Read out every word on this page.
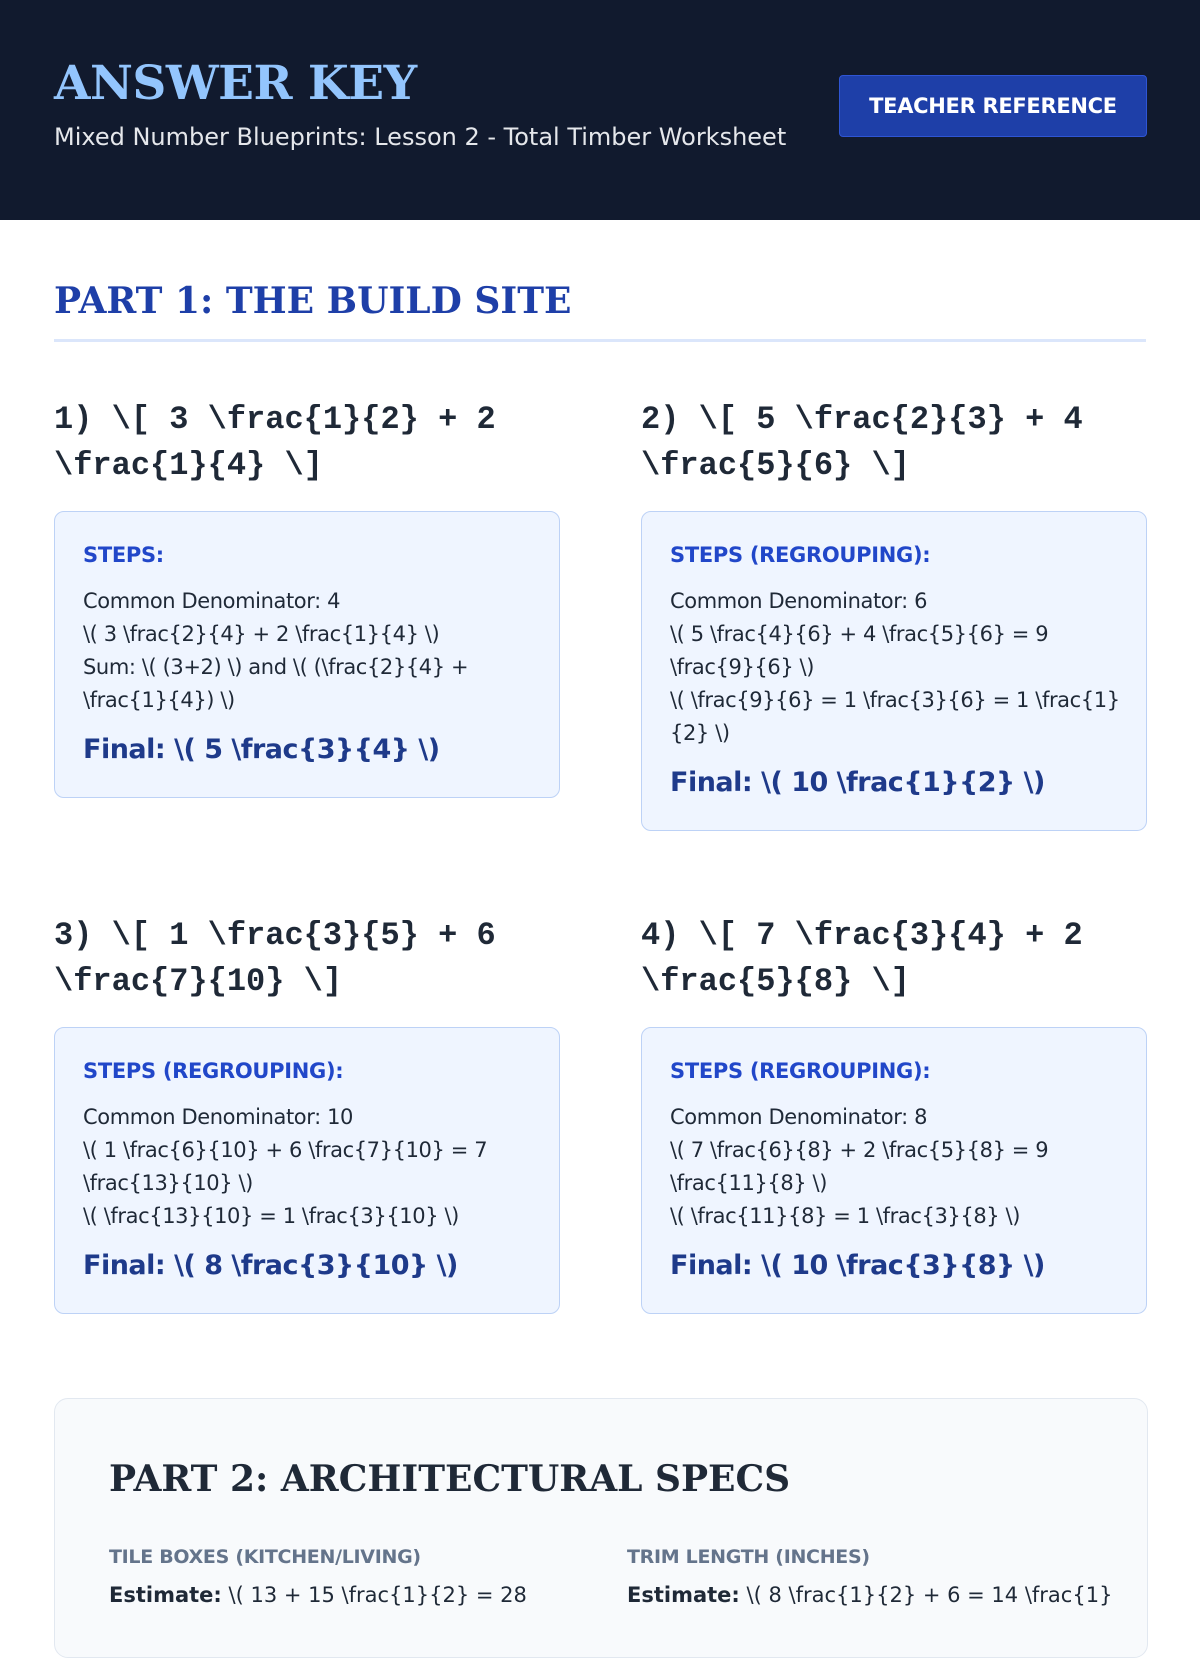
ANSWER KEY
Mixed Number Blueprints: Lesson 2 - Total Timber Worksheet
TEACHER REFERENCE
PART 1: THE BUILD SITE
1) \[ 3 \frac{1}{2} + 2 \frac{1}{4} \]
STEPS:
Common Denominator: 4
\( 3 \frac{2}{4} + 2 \frac{1}{4} \)
Sum: \( (3+2) \) and \( (\frac{2}{4} + \frac{1}{4}) \)
Final: \( 5 \frac{3}{4} \)
2) \[ 5 \frac{2}{3} + 4 \frac{5}{6} \]
STEPS (REGROUPING):
Common Denominator: 6
\( 5 \frac{4}{6} + 4 \frac{5}{6} = 9 \frac{9}{6} \)
\( \frac{9}{6} = 1 \frac{3}{6} = 1 \frac{1}{2} \)
Final: \( 10 \frac{1}{2} \)
3) \[ 1 \frac{3}{5} + 6 \frac{7}{10} \]
STEPS (REGROUPING):
Common Denominator: 10
\( 1 \frac{6}{10} + 6 \frac{7}{10} = 7 \frac{13}{10} \)
\( \frac{13}{10} = 1 \frac{3}{10} \)
Final: \( 8 \frac{3}{10} \)
4) \[ 7 \frac{3}{4} + 2 \frac{5}{8} \]
STEPS (REGROUPING):
Common Denominator: 8
\( 7 \frac{6}{8} + 2 \frac{5}{8} = 9 \frac{11}{8} \)
\( \frac{11}{8} = 1 \frac{3}{8} \)
Final: \( 10 \frac{3}{8} \)
PART 2: ARCHITECTURAL SPECS
TILE BOXES (KITCHEN/LIVING)
Estimate: \( 13 + 15 \frac{1}{2} = 28
TRIM LENGTH (INCHES)
Estimate: \( 8 \frac{1}{2} + 6 = 14 \frac{1}
